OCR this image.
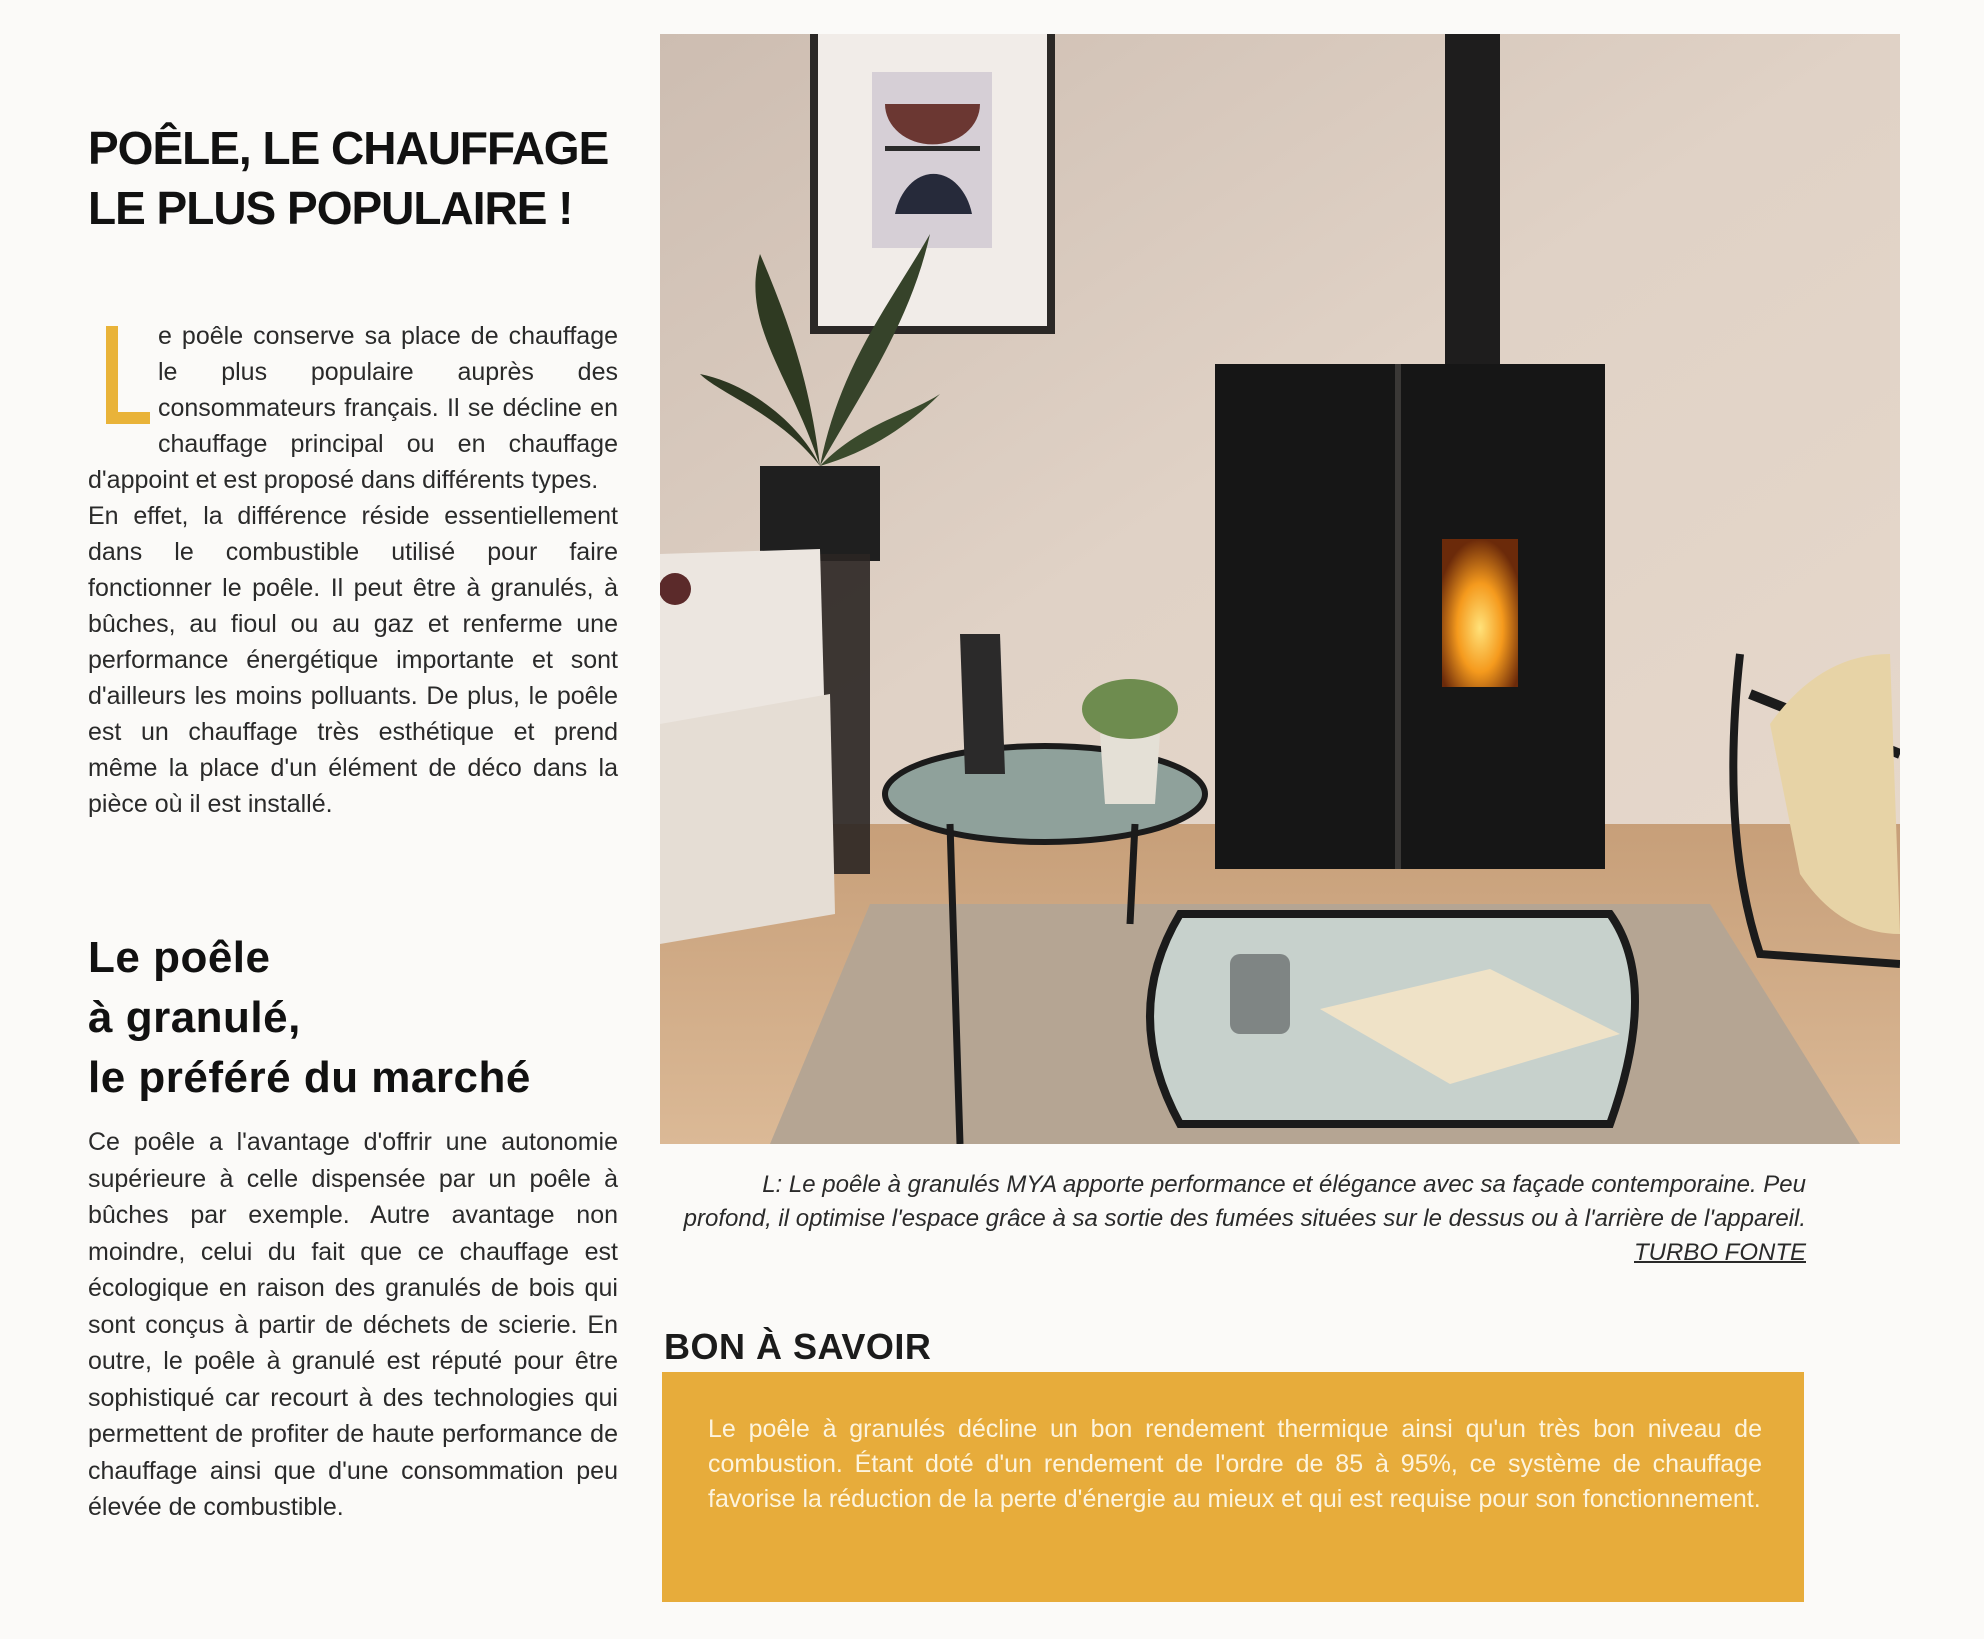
POÊLE, LE CHAUFFAGE
LE PLUS POPULAIRE !

e poêle conserve sa place de chauffage le plus populaire auprès des consommateurs français. Il se décline en chauffage principal ou en chauffage d'appoint et est proposé dans différents types.

En effet, la différence réside essentiellement dans le combustible utilisé pour faire fonctionner le poêle. Il peut être à granulés, à bûches, au fioul ou au gaz et renferme une performance énergétique importante et sont d'ailleurs les moins polluants. De plus, le poêle est un chauffage très esthétique et prend même la place d'un élément de déco dans la pièce où il est installé.

Le poêle
à granulé,
le préféré du marché

Ce poêle a l'avantage d'offrir une autonomie supérieure à celle dispensée par un poêle à bûches par exemple. Autre avantage non moindre, celui du fait que ce chauffage est écologique en raison des granulés de bois qui sont conçus à partir de déchets de scierie. En outre, le poêle à granulé est réputé pour être sophistiqué car recourt à des technologies qui permettent de profiter de haute performance de chauffage ainsi que d'une consommation peu élevée de combustible.

L: Le poêle à granulés MYA apporte performance et élégance avec sa façade contemporaine. Peu profond, il optimise l'espace grâce à sa sortie des fumées situées sur le dessus ou à l'arrière de l'appareil. TURBO FONTE

BON À SAVOIR

Le poêle à granulés décline un bon rendement thermique ainsi qu'un très bon niveau de combustion. Étant doté d'un rendement de l'ordre de 85 à 95%, ce système de chauffage favorise la réduction de la perte d'énergie au mieux et qui est requise pour son fonctionnement.
